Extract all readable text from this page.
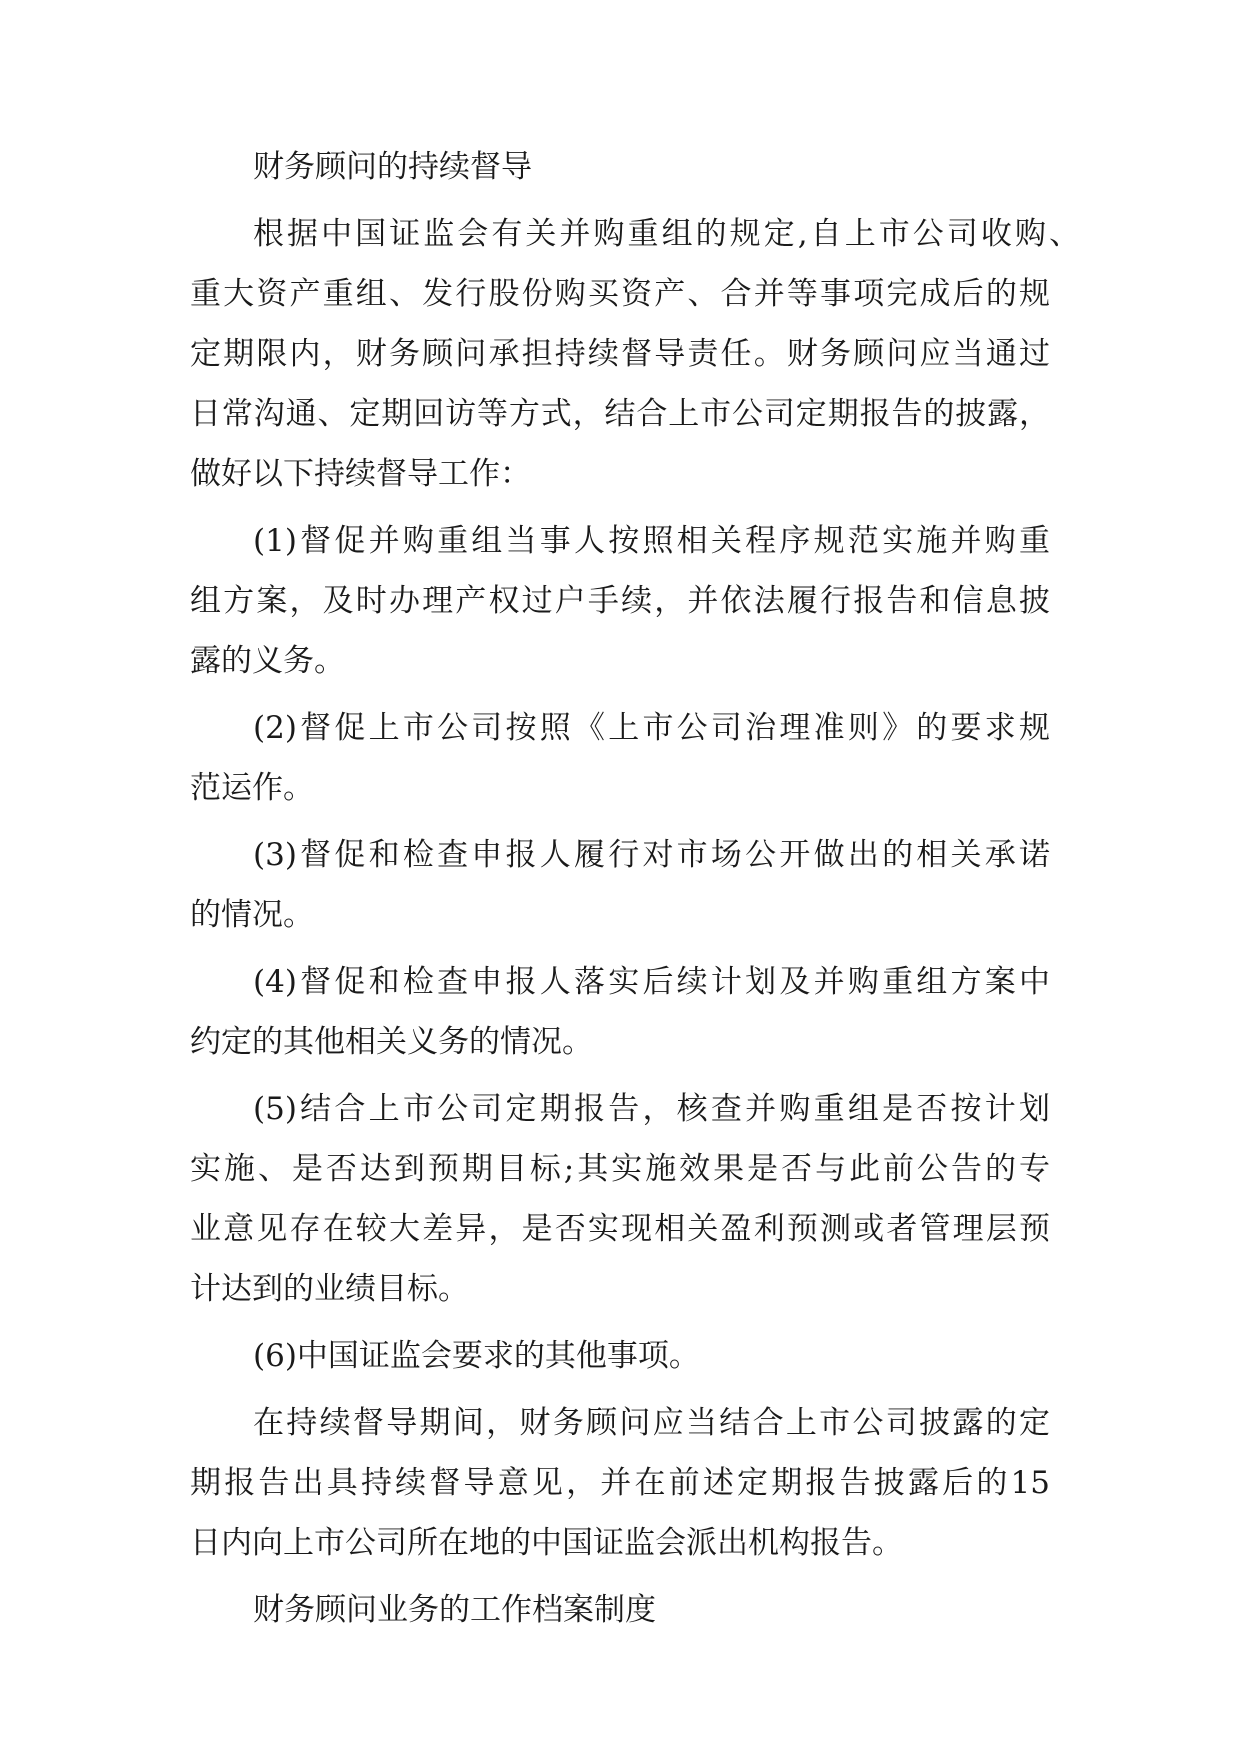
财务顾问的持续督导
根据中国证监会有关并购重组的规定,自上市公司收购、
重大资产重组、发行股份购买资产、合并等事项完成后的规
定期限内，财务顾问承担持续督导责任。财务顾问应当通过
日常沟通、定期回访等方式，结合上市公司定期报告的披露，
做好以下持续督导工作：
(1)督促并购重组当事人按照相关程序规范实施并购重
组方案，及时办理产权过户手续，并依法履行报告和信息披
露的义务。
(2)督促上市公司按照《上市公司治理准则》的要求规
范运作。
(3)督促和检查申报人履行对市场公开做出的相关承诺
的情况。
(4)督促和检查申报人落实后续计划及并购重组方案中
约定的其他相关义务的情况。
(5)结合上市公司定期报告，核查并购重组是否按计划
实施、是否达到预期目标;其实施效果是否与此前公告的专
业意见存在较大差异，是否实现相关盈利预测或者管理层预
计达到的业绩目标。
(6)中国证监会要求的其他事项。
在持续督导期间，财务顾问应当结合上市公司披露的定
期报告出具持续督导意见，并在前述定期报告披露后的15
日内向上市公司所在地的中国证监会派出机构报告。
财务顾问业务的工作档案制度
